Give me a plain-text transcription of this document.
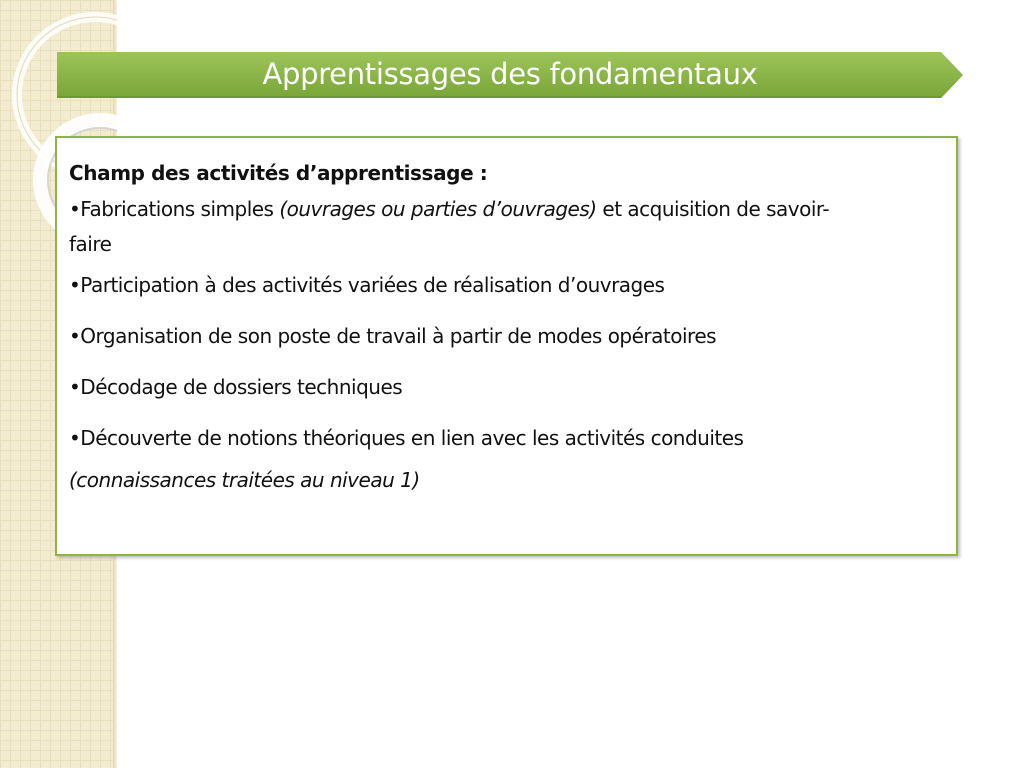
Apprentissages des fondamentaux
Champ des activités d’apprentissage :
•Fabrications simples (ouvrages ou parties d’ouvrages) et acquisition de savoir-
faire
•Participation à des activités variées de réalisation d’ouvrages
•Organisation de son poste de travail à partir de modes opératoires
•Décodage de dossiers techniques
•Découverte de notions théoriques en lien avec les activités conduites
(connaissances traitées au niveau 1)
